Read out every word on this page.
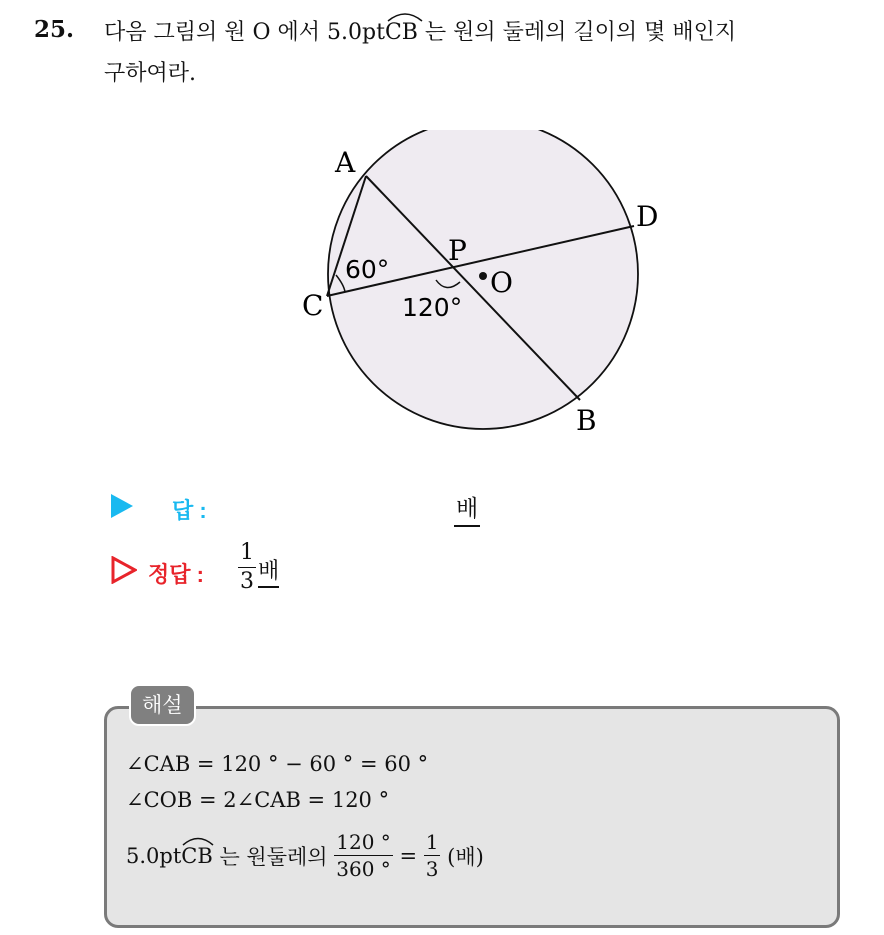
25. 다음 그림의 원 O 에서 5.0pt
CB 는 원의 둘레의 길이의 몇 배인지
구하여라.
A
B
C
D
P
O
60°
120°
답 :	배
정답 : $\frac{1}{3}$ 배
해설
∠CAB = 120 ° − 60 ° = 60 °
∠COB = 2∠CAB = 120 °
5.0pt CB 는 원둘레의 $\frac{120 ^\circ}{360 ^\circ} = \frac{1}{3}$ (배)
